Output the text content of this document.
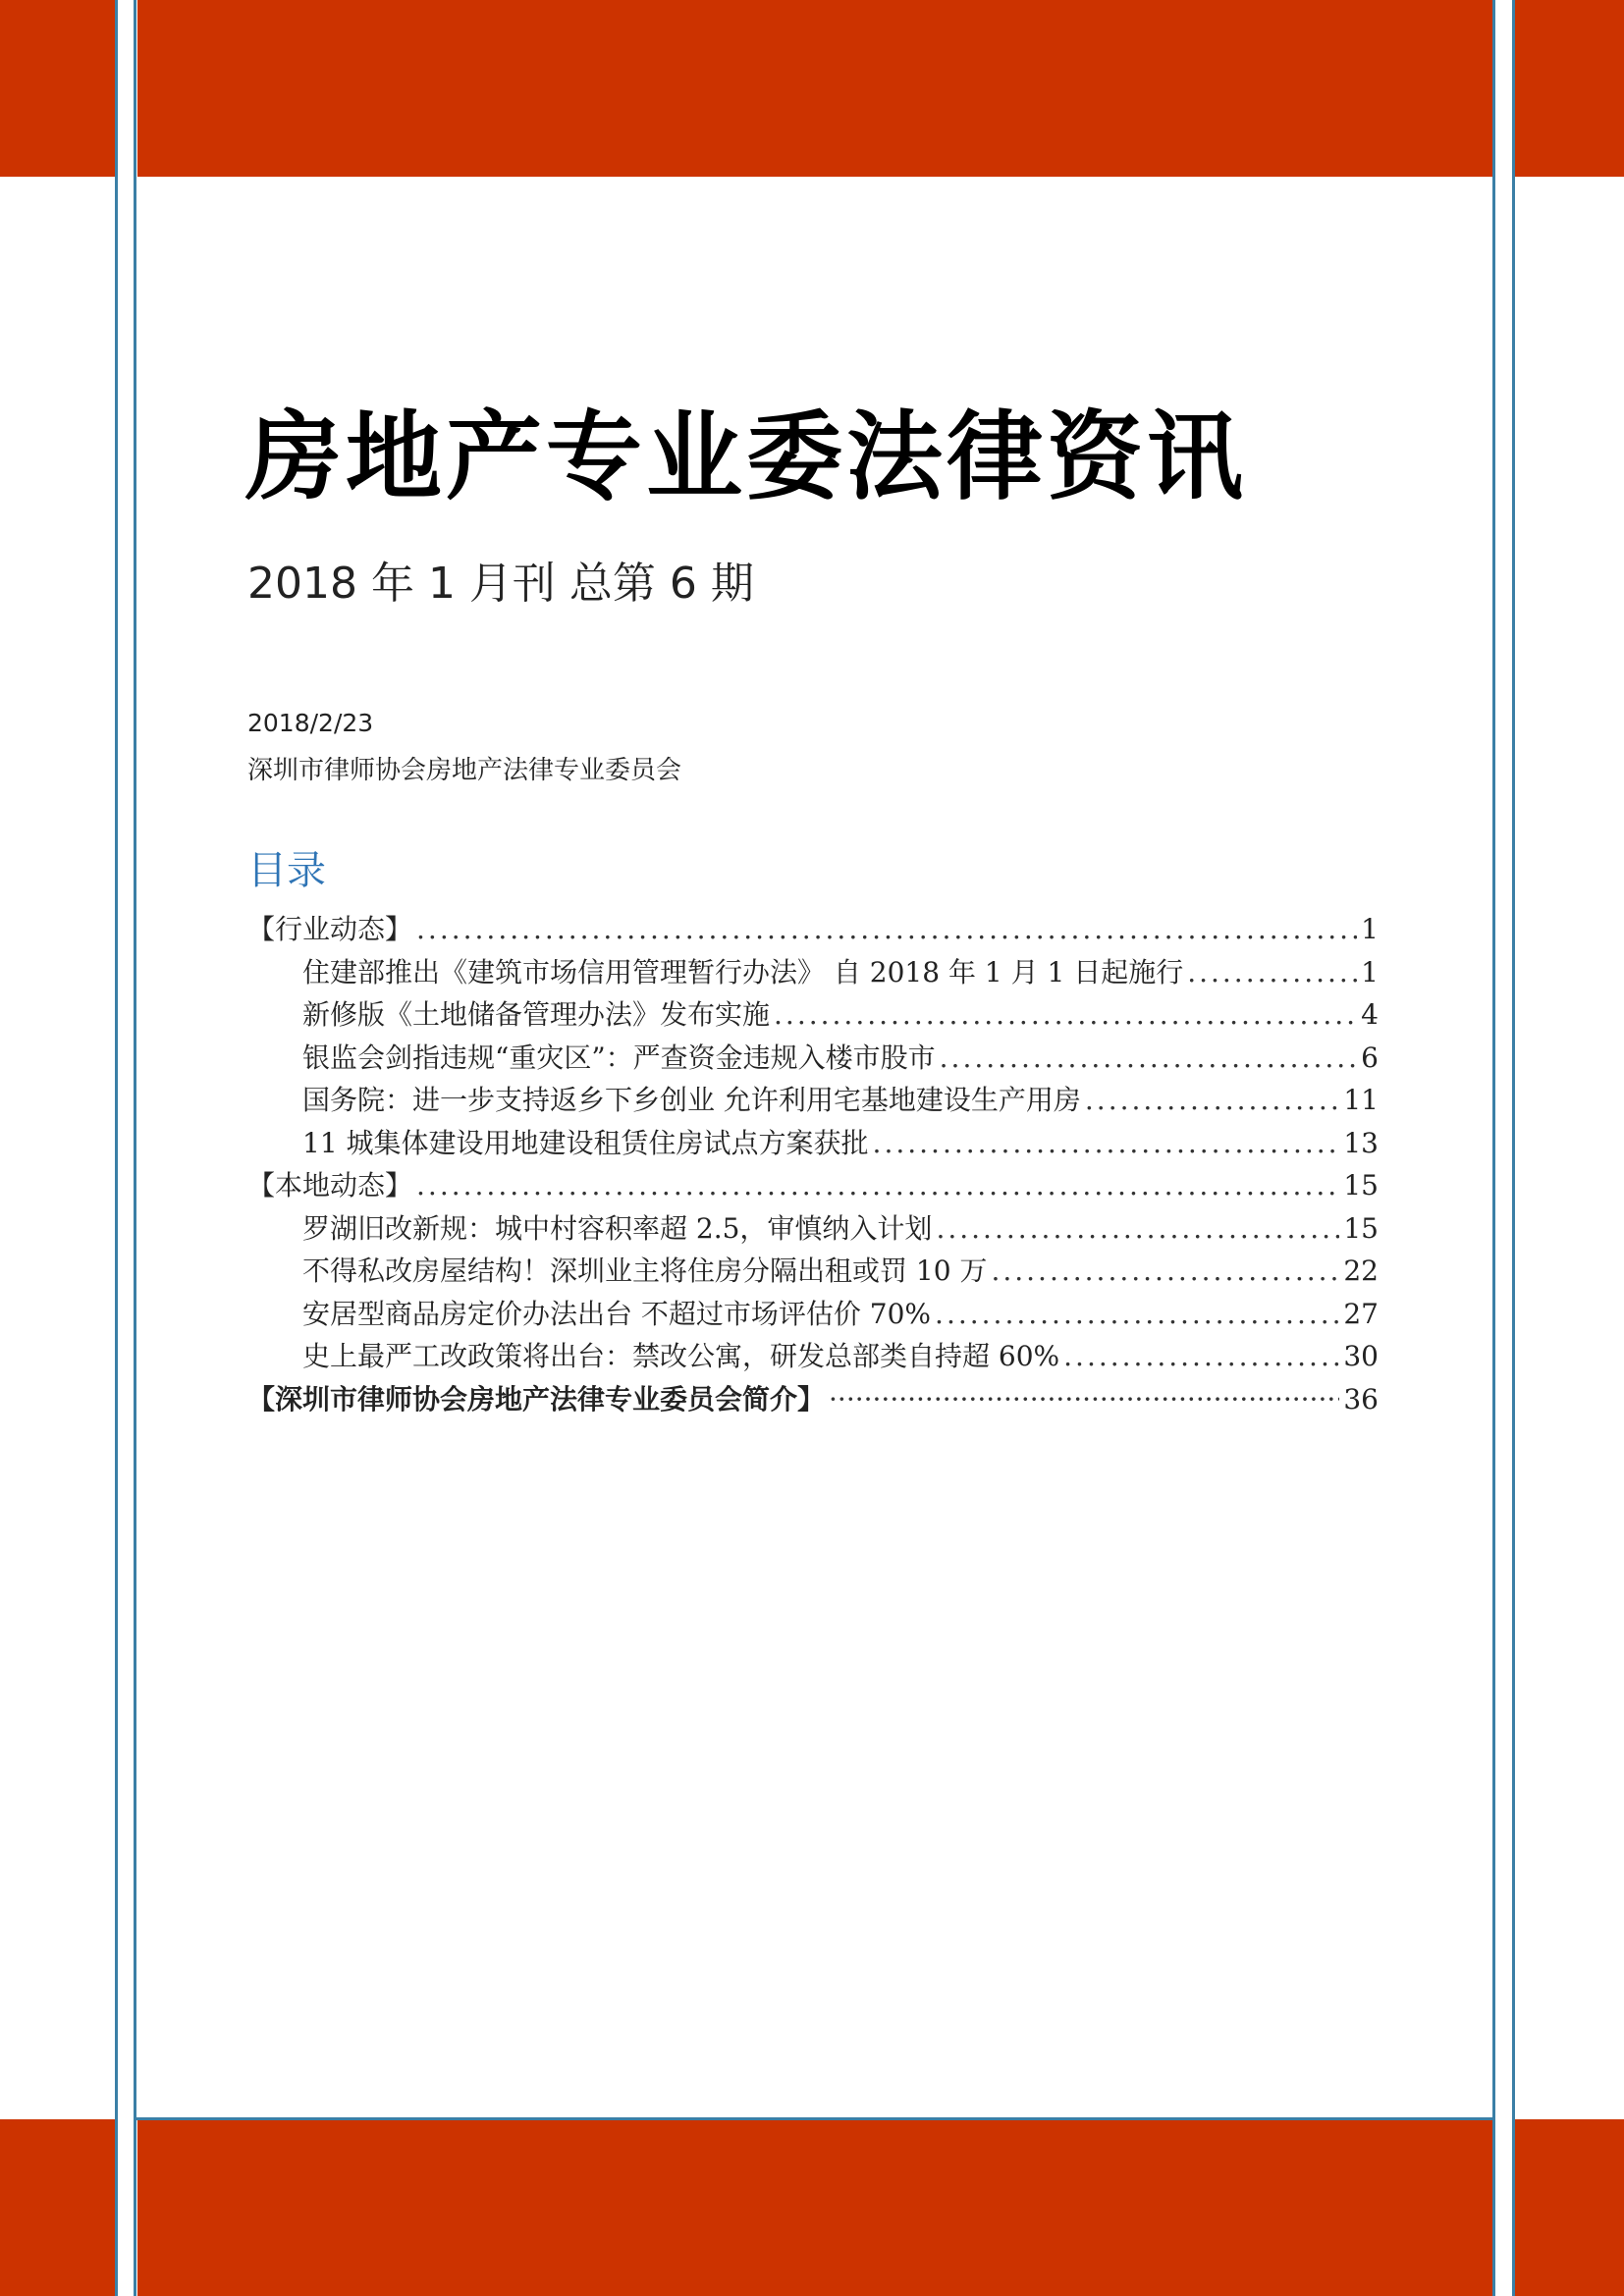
房地产专业委法律资讯
2018 年 1 月刊 总第 6 期
2018/2/23
深圳市律师协会房地产法律专业委员会
目录
【行业动态】 .....	1
住建部推出《建筑市场信用管理暂行办法》 自 2018 年 1 月 1 日起施行 .....	1
新修版《土地储备管理办法》发布实施 .....	4
银监会剑指违规“重灾区”：严查资金违规入楼市股市 .....	6
国务院：进一步支持返乡下乡创业 允许利用宅基地建设生产用房 .....	11
11 城集体建设用地建设租赁住房试点方案获批 .....	13
【本地动态】 .....	15
罗湖旧改新规：城中村容积率超 2.5，审慎纳入计划 .....	15
不得私改房屋结构！深圳业主将住房分隔出租或罚 10 万 .....	22
安居型商品房定价办法出台 不超过市场评估价 70% .....	27
史上最严工改政策将出台：禁改公寓，研发总部类自持超 60% .....	30
【深圳市律师协会房地产法律专业委员会简介】 ·····	36
